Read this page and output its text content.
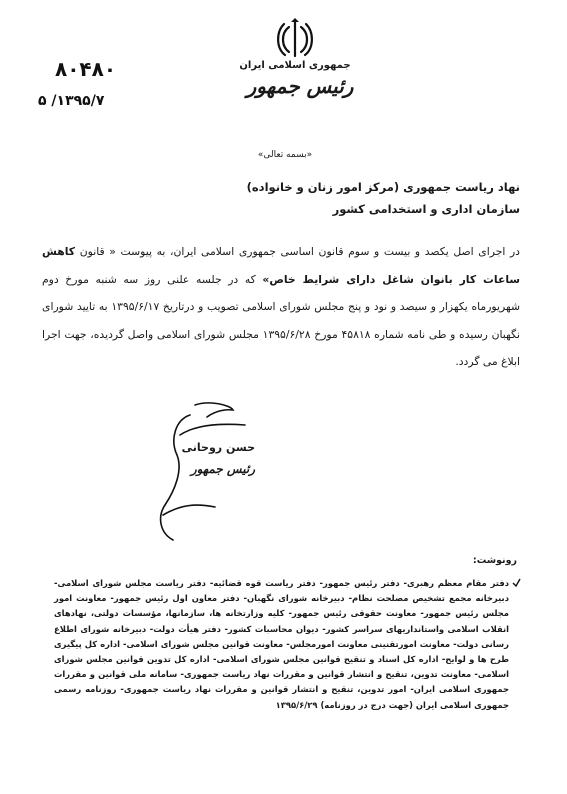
جمهوری اسلامی ایران
رئیس جمهور
۸۰۴۸۰
۱۳۹۵/۷/ ۵
«بسمه تعالی»
نهاد ریاست جمهوری (مرکز امور زنان و خانواده)
سازمان اداری و استخدامی کشور
در اجرای اصل یکصد و بیست و سوم قانون اساسی جمهوری اسلامی ایران، به پیوست « قانون کاهش ساعات کار بانوان شاغل دارای شرایط خاص» که در جلسه علنی روز سه شنبه مورخ دوم شهریورماه یکهزار و سیصد و نود و پنج مجلس شورای اسلامی تصویب و درتاریخ ۱۳۹۵/۶/۱۷ به تایید شورای نگهبان رسیده و طی نامه شماره ۴۵۸۱۸ مورخ ۱۳۹۵/۶/۲۸ مجلس شورای اسلامی واصل گردیده، جهت اجرا ابلاغ می گردد.
حسن روحانی
رئیس جمهور
رونوشت:
دفتر مقام معظم رهبری- دفتر رئیس جمهور- دفتر ریاست قوه قضائیه- دفتر ریاست مجلس شورای اسلامی- دبیرخانه مجمع تشخیص مصلحت نظام- دبیرخانه شورای نگهبان- دفتر معاون اول رئیس جمهور- معاونت امور مجلس رئیس جمهور- معاونت حقوقی رئیس جمهور- کلیه وزارتخانه ها، سازمانها، مؤسسات دولتی، نهادهای انقلاب اسلامی واستانداریهای سراسر کشور- دیوان محاسبات کشور- دفتر هیأت دولت- دبیرخانه شورای اطلاع رسانی دولت- معاونت امورتقنینی معاونت امورمجلس- معاونت قوانین مجلس شورای اسلامی- اداره کل پیگیری طرح ها و لوایح- اداره کل اسناد و تنقیح قوانین مجلس شورای اسلامی- اداره کل تدوین قوانین مجلس شورای اسلامی- معاونت تدوین، تنقیح و انتشار قوانین و مقررات نهاد ریاست جمهوری- سامانه ملی قوانین و مقررات جمهوری اسلامی ایران- امور تدوین، تنقیح و انتشار قوانین و مقررات نهاد ریاست جمهوری- روزنامه رسمی جمهوری اسلامی ایران (جهت درج در روزنامه) ۱۳۹۵/۶/۲۹
